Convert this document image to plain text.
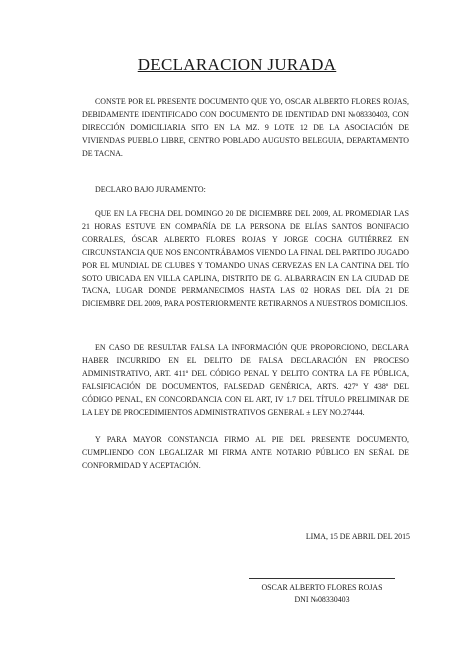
DECLARACION JURADA

CONSTE POR EL PRESENTE DOCUMENTO QUE YO, OSCAR ALBERTO FLORES ROJAS, DEBIDAMENTE IDENTIFICADO CON DOCUMENTO DE IDENTIDAD DNI №08330403, CON DIRECCIÓN DOMICILIARIA SITO EN LA MZ. 9 LOTE 12 DE LA ASOCIACIÓN DE VIVIENDAS PUEBLO LIBRE, CENTRO POBLADO AUGUSTO BELEGUIA, DEPARTAMENTO DE TACNA.

DECLARO BAJO JURAMENTO:

QUE EN LA FECHA DEL DOMINGO 20 DE DICIEMBRE DEL 2009, AL PROMEDIAR LAS 21 HORAS ESTUVE EN COMPAÑÍA DE LA PERSONA DE ELÍAS SANTOS BONIFACIO CORRALES, ÓSCAR ALBERTO FLORES ROJAS Y JORGE COCHA GUTIÉRREZ EN CIRCUNSTANCIA QUE NOS ENCONTRÁBAMOS VIENDO LA FINAL DEL PARTIDO JUGADO POR EL MUNDIAL DE CLUBES Y TOMANDO UNAS CERVEZAS EN LA CANTINA DEL TÍO SOTO UBICADA EN VILLA CAPLINA, DISTRITO DE G. ALBARRACIN EN LA CIUDAD DE TACNA, LUGAR DONDE PERMANECIMOS HASTA LAS 02 HORAS DEL DÍA 21 DE DICIEMBRE DEL 2009, PARA POSTERIORMENTE RETIRARNOS A NUESTROS DOMICILIOS.

EN CASO DE RESULTAR FALSA LA INFORMACIÓN QUE PROPORCIONO, DECLARA HABER INCURRIDO EN EL DELITO DE FALSA DECLARACIÓN EN PROCESO ADMINISTRATIVO, ART. 411º DEL CÓDIGO PENAL Y DELITO CONTRA LA FE PÚBLICA, FALSIFICACIÓN DE DOCUMENTOS, FALSEDAD GENÉRICA, ARTS. 427º Y 438º DEL CÓDIGO PENAL, EN CONCORDANCIA CON EL ART, IV 1.7 DEL TÍTULO PRELIMINAR DE LA LEY DE PROCEDIMIENTOS ADMINISTRATIVOS GENERAL ± LEY NO.27444.

Y PARA MAYOR CONSTANCIA FIRMO AL PIE DEL PRESENTE DOCUMENTO, CUMPLIENDO CON LEGALIZAR MI FIRMA ANTE NOTARIO PÚBLICO EN SEÑAL DE CONFORMIDAD Y ACEPTACIÓN.

LIMA, 15 DE ABRIL DEL 2015
OSCAR ALBERTO FLORES ROJAS
DNI №08330403
